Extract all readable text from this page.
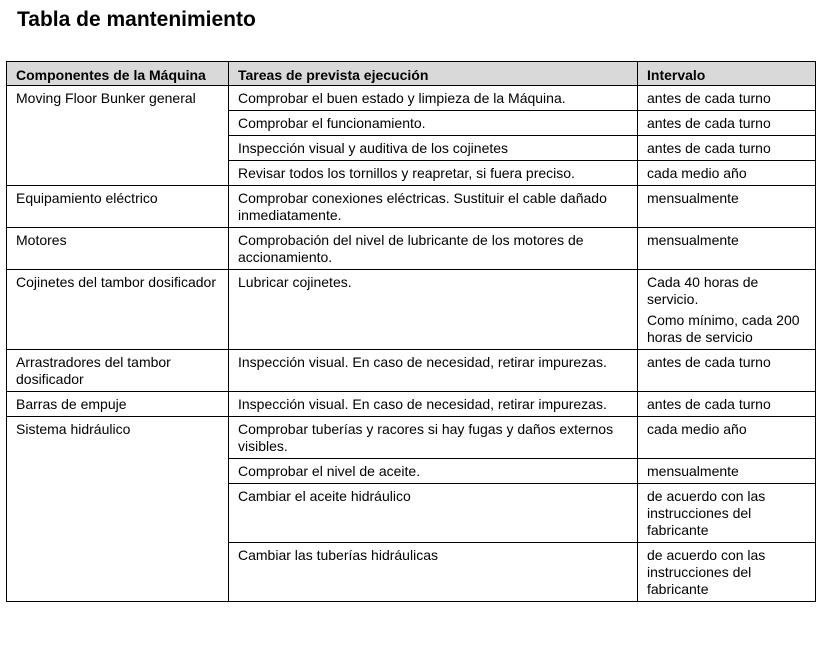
Tabla de mantenimiento
Componentes de la Máquina	Tareas de prevista ejecución	Intervalo
Moving Floor Bunker general	Comprobar el buen estado y limpieza de la Máquina.	antes de cada turno

	Comprobar el funcionamiento.	antes de cada turno

	Inspección visual y auditiva de los cojinetes	antes de cada turno

	Revisar todos los tornillos y reapretar, si fuera preciso.	cada medio año

Equipamiento eléctrico	Comprobar conexiones eléctricas. Sustituir el cable dañado inmediatamente.	mensualmente

Motores	Comprobación del nivel de lubricante de los motores de accionamiento.	mensualmente

Cojinetes del tambor dosificador	Lubricar cojinetes.	Cada 40 horas de servicio.
Como mínimo, cada 200 horas de servicio

Arrastradores del tambor dosificador	Inspección visual. En caso de necesidad, retirar impurezas.	antes de cada turno

Barras de empuje	Inspección visual. En caso de necesidad, retirar impurezas.	antes de cada turno

Sistema hidráulico	Comprobar tuberías y racores si hay fugas y daños externos visibles.	cada medio año

	Comprobar el nivel de aceite.	mensualmente

	Cambiar el aceite hidráulico	de acuerdo con las instrucciones del fabricante

	Cambiar las tuberías hidráulicas	de acuerdo con las instrucciones del fabricante
